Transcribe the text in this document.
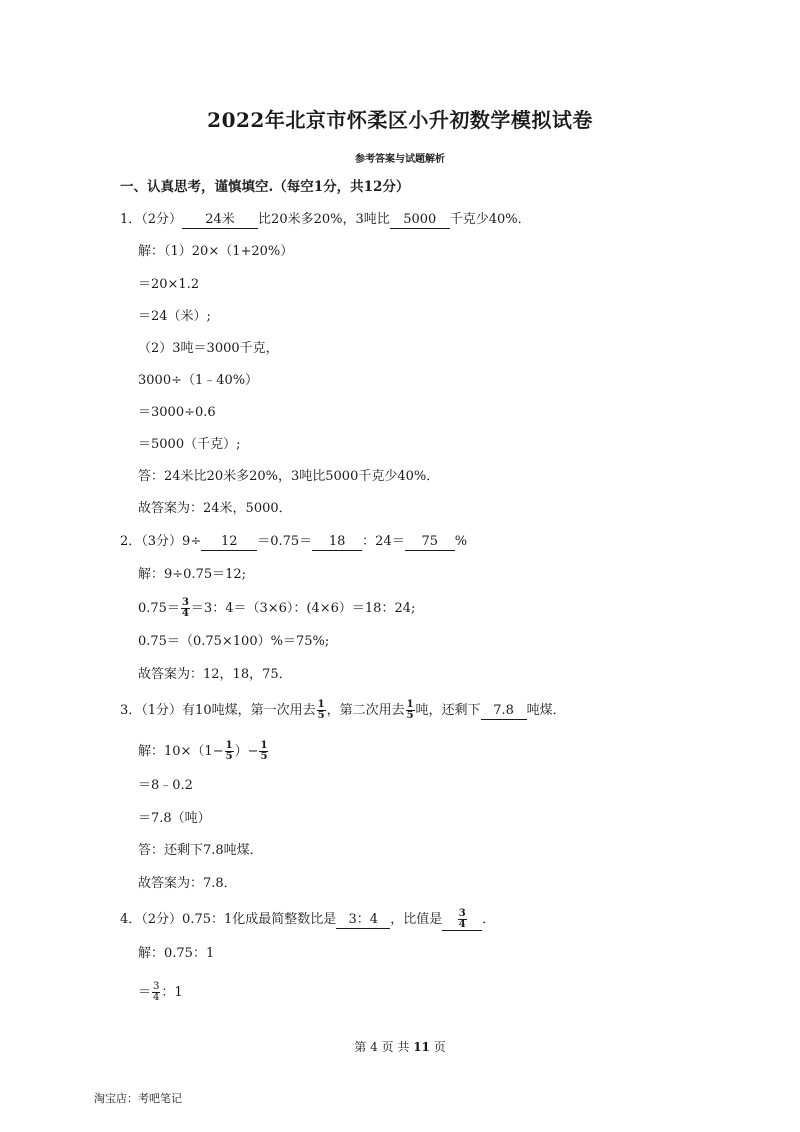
2022年北京市怀柔区小升初数学模拟试卷
参考答案与试题解析
一、认真思考，谨慎填空.（每空1分，共12分）
1．（2分） 24米 比20米多20%，3吨比 5000 千克少40%．
解：（1）20×（1+20%）
＝20×1.2
＝24（米）;
（2）3吨＝3000千克，
3000÷（1﹣40%）
＝3000÷0.6
＝5000（千克）;
答：24米比20米多20%，3吨比5000千克少40%．
故答案为：24米，5000．
2．（3分）9÷ 12 ＝0.75＝ 18 ：24＝ 75 %
解：9÷0.75＝12;
$0.75= \frac{3}{4} =3$：4＝（3×6）：(4×6）＝18：24;
0.75＝（0.75×100）%＝75%;
故答案为：12，18，75．
3．（1分）有10吨煤，第一次用去 $\frac{1}{5}$ ，第二次用去 $\frac{1}{5}$ 吨，还剩下 7.8 吨煤．
解：$10\times(1- \frac{1}{5}$ ）− $\frac{1}{5}$
＝8﹣0.2
＝7.8（吨）
答：还剩下7.8吨煤．
故答案为：7.8．
4．（2分）0.75：1化成最简整数比是 3：4 ，比值是 $\frac{3}{4}$ ．
解：0.75：1
＝ $\frac{3}{4}$ ：1
第 4 页 共 11 页
淘宝店：考吧笔记
